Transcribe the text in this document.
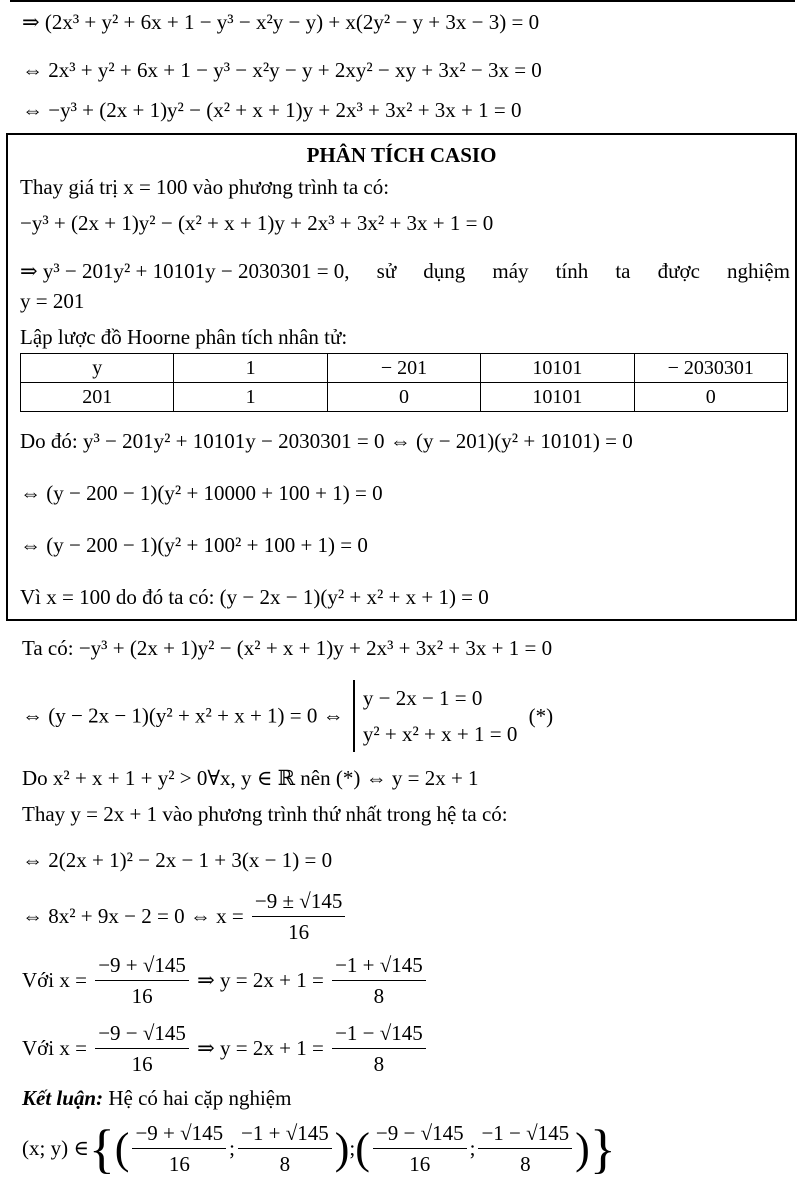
⇒ (2x³ + y² + 6x + 1 − y³ − x²y − y) + x(2y² − y + 3x − 3) = 0
⇔ 2x³ + y² + 6x + 1 − y³ − x²y − y + 2xy² − xy + 3x² − 3x = 0
⇔ −y³ + (2x + 1)y² − (x² + x + 1)y + 2x³ + 3x² + 3x + 1 = 0
PHÂN TÍCH CASIO
Thay giá trị x = 100 vào phương trình ta có:
−y³ + (2x + 1)y² − (x² + x + 1)y + 2x³ + 3x² + 3x + 1 = 0
⇒ y³ − 201y² + 10101y − 2030301 = 0, sử dụng máy tính ta được nghiệm
y = 201
Lập lược đồ Hoorne phân tích nhân tử:
y	1	− 201	10101	− 2030301
201	1	0	10101	0
Do đó: y³ − 201y² + 10101y − 2030301 = 0 ⇔ (y − 201)(y² + 10101) = 0
⇔ (y − 200 − 1)(y² + 10000 + 100 + 1) = 0
⇔ (y − 200 − 1)(y² + 100² + 100 + 1) = 0
Vì x = 100 do đó ta có: (y − 2x − 1)(y² + x² + x + 1) = 0
Ta có: −y³ + (2x + 1)y² − (x² + x + 1)y + 2x³ + 3x² + 3x + 1 = 0
⇔ (y − 2x − 1)(y² + x² + x + 1) = 0 ⇔
y − 2x − 1 = 0
y² + x² + x + 1 = 0
(*)
Do x² + x + 1 + y² > 0∀x, y ∈ ℝ nên (*) ⇔ y = 2x + 1
Thay y = 2x + 1 vào phương trình thứ nhất trong hệ ta có:
⇔ 2(2x + 1)² − 2x − 1 + 3(x − 1) = 0
⇔ 8x² + 9x − 2 = 0 ⇔ $x = \frac{-9 \pm √145}{16}$
Với $x = \frac{-9 + √145}{16}$ ⇒ $y = 2x + 1 = \frac{-1 + √145}{8}$
Với $x = \frac{-9 - √145}{16}$ ⇒ $y = 2x + 1 = \frac{-1 - √145}{8}$
Kết luận: Hệ có hai cặp nghiệm
(x; y) ∈ { ( $\frac{-9 + √145}{16}$ ; $\frac{-1 + √145}{8}$ ) ; ( $\frac{-9 - √145}{16}$ ; $\frac{-1 - √145}{8}$ ) }
